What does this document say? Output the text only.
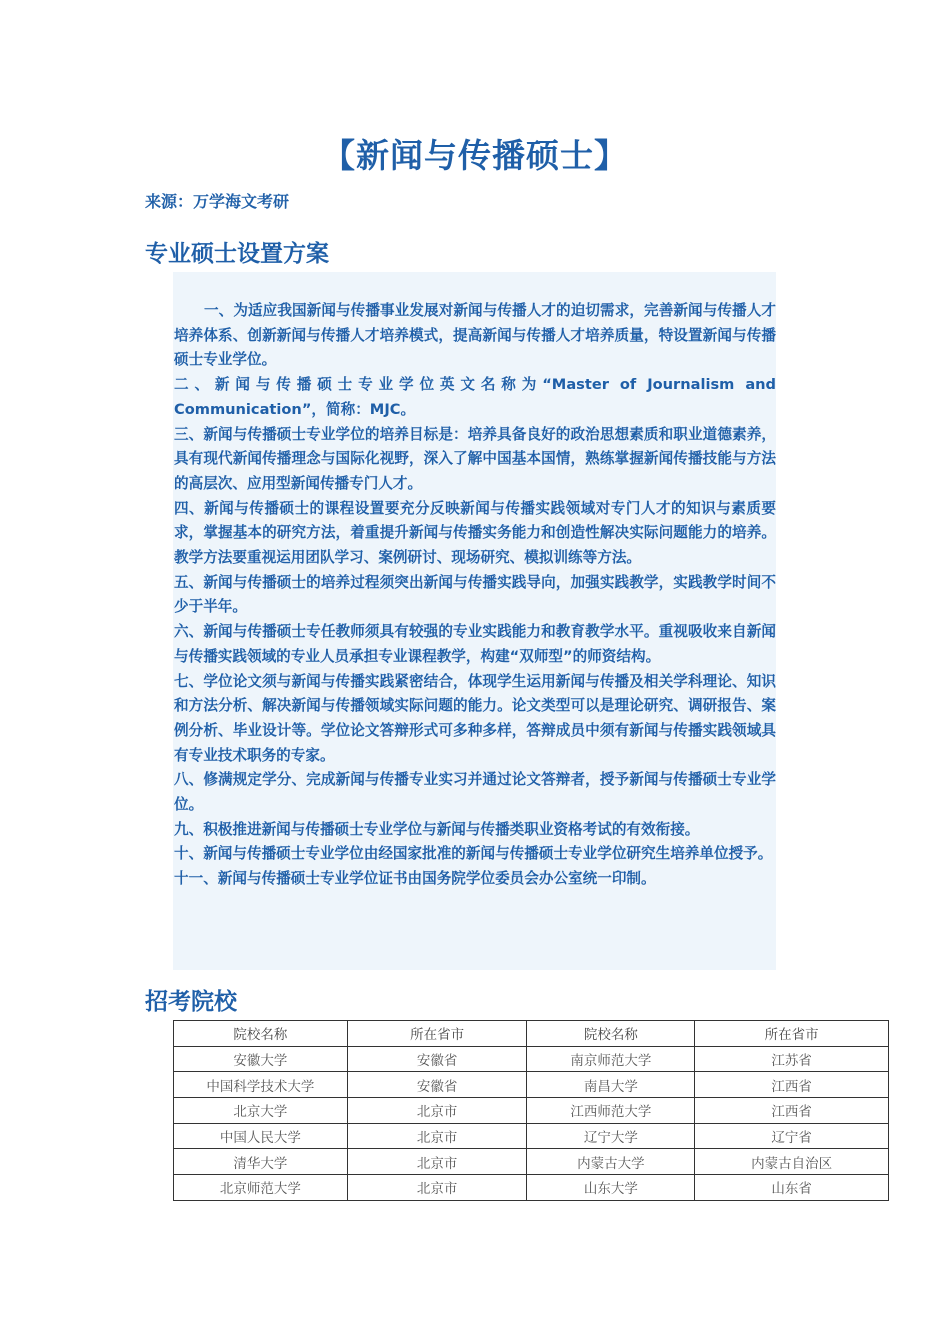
【新闻与传播硕士】
来源：万学海文考研
专业硕士设置方案

一、为适应我国新闻与传播事业发展对新闻与传播人才的迫切需求，完善新闻与传播人才培养体系、创新新闻与传播人才培养模式，提高新闻与传播人才培养质量，特设置新闻与传播硕士专业学位。

二、新闻与传播硕士专业学位英文名称为“Master of Journalism and Communication”，简称：MJC。

三、新闻与传播硕士专业学位的培养目标是：培养具备良好的政治思想素质和职业道德素养，具有现代新闻传播理念与国际化视野，深入了解中国基本国情，熟练掌握新闻传播技能与方法的高层次、应用型新闻传播专门人才。

四、新闻与传播硕士的课程设置要充分反映新闻与传播实践领域对专门人才的知识与素质要求，掌握基本的研究方法，着重提升新闻与传播实务能力和创造性解决实际问题能力的培养。教学方法要重视运用团队学习、案例研讨、现场研究、模拟训练等方法。

五、新闻与传播硕士的培养过程须突出新闻与传播实践导向，加强实践教学，实践教学时间不少于半年。

六、新闻与传播硕士专任教师须具有较强的专业实践能力和教育教学水平。重视吸收来自新闻与传播实践领域的专业人员承担专业课程教学，构建“双师型”的师资结构。

七、学位论文须与新闻与传播实践紧密结合，体现学生运用新闻与传播及相关学科理论、知识和方法分析、解决新闻与传播领域实际问题的能力。论文类型可以是理论研究、调研报告、案例分析、毕业设计等。学位论文答辩形式可多种多样，答辩成员中须有新闻与传播实践领域具有专业技术职务的专家。

八、修满规定学分、完成新闻与传播专业实习并通过论文答辩者，授予新闻与传播硕士专业学位。

九、积极推进新闻与传播硕士专业学位与新闻与传播类职业资格考试的有效衔接。

十、新闻与传播硕士专业学位由经国家批准的新闻与传播硕士专业学位研究生培养单位授予。

十一、新闻与传播硕士专业学位证书由国务院学位委员会办公室统一印制。

招考院校
院校名称	所在省市	院校名称	所在省市
安徽大学	安徽省	南京师范大学	江苏省
中国科学技术大学	安徽省	南昌大学	江西省
北京大学	北京市	江西师范大学	江西省
中国人民大学	北京市	辽宁大学	辽宁省
清华大学	北京市	内蒙古大学	内蒙古自治区
北京师范大学	北京市	山东大学	山东省
